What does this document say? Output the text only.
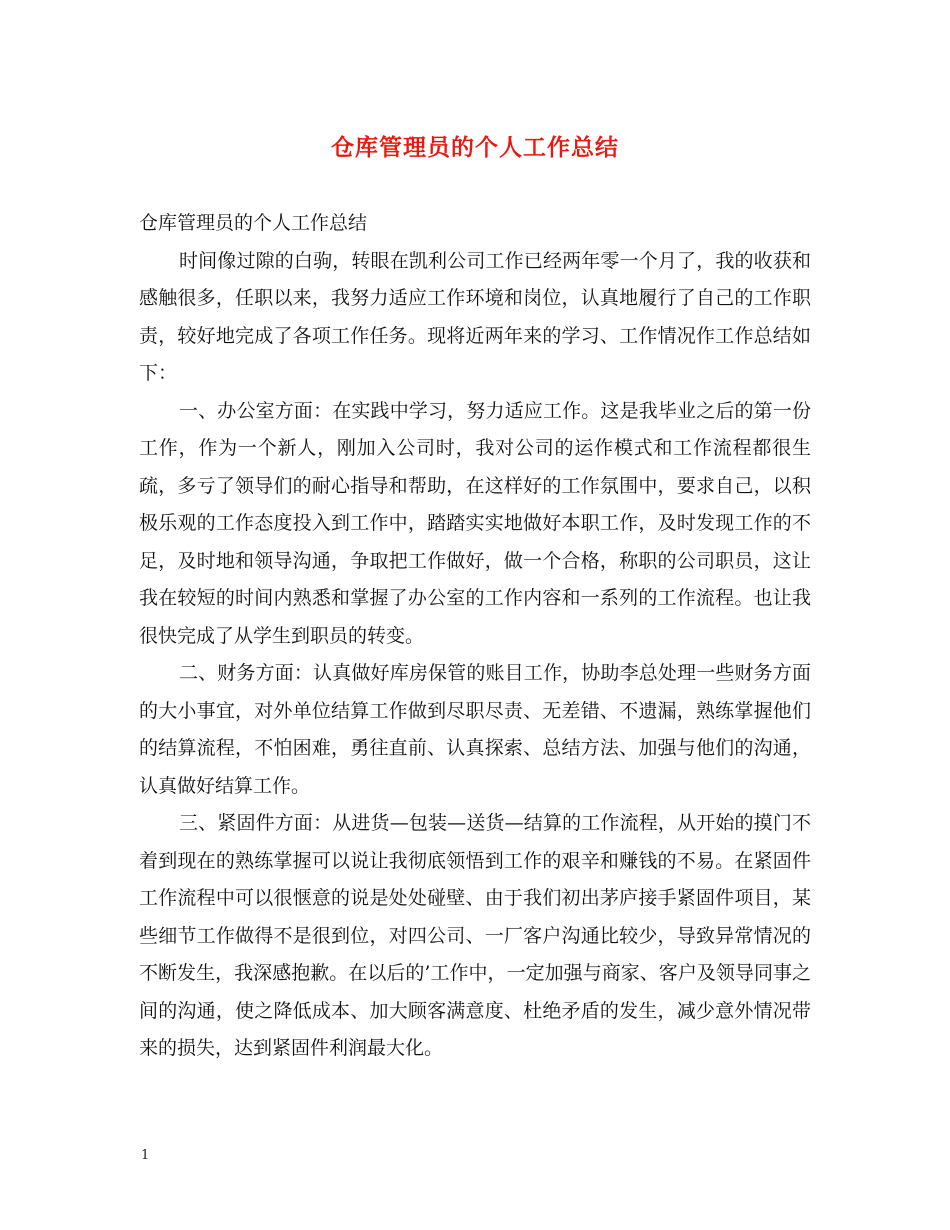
仓库管理员的个人工作总结

仓库管理员的个人工作总结

时间像过隙的白驹，转眼在凯利公司工作已经两年零一个月了，我的收获和感触很多，任职以来，我努力适应工作环境和岗位，认真地履行了自己的工作职责，较好地完成了各项工作任务。现将近两年来的学习、工作情况作工作总结如下：

一、办公室方面：在实践中学习，努力适应工作。这是我毕业之后的第一份工作，作为一个新人，刚加入公司时，我对公司的运作模式和工作流程都很生疏，多亏了领导们的耐心指导和帮助，在这样好的工作氛围中，要求自己，以积极乐观的工作态度投入到工作中，踏踏实实地做好本职工作，及时发现工作的不足，及时地和领导沟通，争取把工作做好，做一个合格，称职的公司职员，这让我在较短的时间内熟悉和掌握了办公室的工作内容和一系列的工作流程。也让我很快完成了从学生到职员的转变。

二、财务方面：认真做好库房保管的账目工作，协助李总处理一些财务方面的大小事宜，对外单位结算工作做到尽职尽责、无差错、不遗漏，熟练掌握他们的结算流程，不怕困难，勇往直前、认真探索、总结方法、加强与他们的沟通，认真做好结算工作。

三、紧固件方面：从进货—包装—送货—结算的工作流程，从开始的摸门不着到现在的熟练掌握可以说让我彻底领悟到工作的艰辛和赚钱的不易。在紧固件工作流程中可以很惬意的说是处处碰壁、由于我们初出茅庐接手紧固件项目，某些细节工作做得不是很到位，对四公司、一厂客户沟通比较少，导致异常情况的不断发生，我深感抱歉。在以后的’工作中，一定加强与商家、客户及领导同事之间的沟通，使之降低成本、加大顾客满意度、杜绝矛盾的发生，减少意外情况带来的损失，达到紧固件利润最大化。

1
